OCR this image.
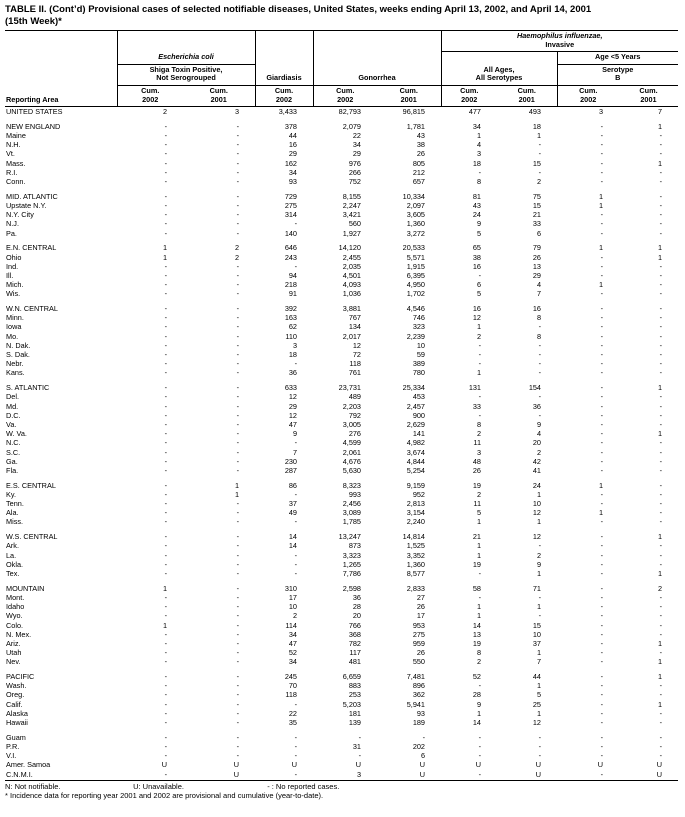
TABLE II. (Cont’d) Provisional cases of selected notifiable diseases, United States, weeks ending April 13, 2002, and April 14, 2001
(15th Week)*

						Haemophilus influenzae,
Invasive			

	Escherichia coli							Age <5 Years	

Shiga Toxin Positive,
Not Serogrouped	Giardiasis	Gonorrhea	
All Ages,
All Serotypes

Serotype
B

Reporting Area	
Cum.
2002

Cum.
2001

Cum.
2002

Cum.
2002

Cum.
2001

Cum.
2002

Cum.
2001

Cum.
2002

Cum.
2001

UNITED STATES	2	3	3,433	82,793	96,815	477	493	3	7

NEW ENGLAND	-	-	378	2,079	1,781	34	18	-	1
Maine	-	-	44	22	43	1	1	-	-
N.H.	-	-	16	34	38	4	-	-	-
Vt.	-	-	29	29	26	3	-	-	-
Mass.	-	-	162	976	805	18	15	-	1
R.I.	-	-	34	266	212	-	-	-	-
Conn.	-	-	93	752	657	8	2	-	-

MID. ATLANTIC	-	-	729	8,155	10,334	81	75	1	-
Upstate N.Y.	-	-	275	2,247	2,097	43	15	1	-
N.Y. City	-	-	314	3,421	3,605	24	21	-	-
N.J.	-	-	-	560	1,360	9	33	-	-
Pa.	-	-	140	1,927	3,272	5	6	-	-

E.N. CENTRAL	1	2	646	14,120	20,533	65	79	1	1
Ohio	1	2	243	2,455	5,571	38	26	-	1
Ind.	-	-	-	2,035	1,915	16	13	-	-
Ill.	-	-	94	4,501	6,395	-	29	-	-
Mich.	-	-	218	4,093	4,950	6	4	1	-
Wis.	-	-	91	1,036	1,702	5	7	-	-

W.N. CENTRAL	-	-	392	3,881	4,546	16	16	-	-
Minn.	-	-	163	767	746	12	8	-	-
Iowa	-	-	62	134	323	1	-	-	-
Mo.	-	-	110	2,017	2,239	2	8	-	-
N. Dak.	-	-	3	12	10	-	-	-	-
S. Dak.	-	-	18	72	59	-	-	-	-
Nebr.	-	-	-	118	389	-	-	-	-
Kans.	-	-	36	761	780	1	-	-	-

S. ATLANTIC	-	-	633	23,731	25,334	131	154	-	1
Del.	-	-	12	489	453	-	-	-	-
Md.	-	-	29	2,203	2,457	33	36	-	-
D.C.	-	-	12	792	900	-	-	-	-
Va.	-	-	47	3,005	2,629	8	9	-	-
W. Va.	-	-	9	276	141	2	4	-	1
N.C.	-	-	-	4,599	4,982	11	20	-	-
S.C.	-	-	7	2,061	3,674	3	2	-	-
Ga.	-	-	230	4,676	4,844	48	42	-	-
Fla.	-	-	287	5,630	5,254	26	41	-	-

E.S. CENTRAL	-	1	86	8,323	9,159	19	24	1	-
Ky.	-	1	-	993	952	2	1	-	-
Tenn.	-	-	37	2,456	2,813	11	10	-	-
Ala.	-	-	49	3,089	3,154	5	12	1	-
Miss.	-	-	-	1,785	2,240	1	1	-	-

W.S. CENTRAL	-	-	14	13,247	14,814	21	12	-	1
Ark.	-	-	14	873	1,525	1	-	-	-
La.	-	-	-	3,323	3,352	1	2	-	-
Okla.	-	-	-	1,265	1,360	19	9	-	-
Tex.	-	-	-	7,786	8,577	-	1	-	1

MOUNTAIN	1	-	310	2,598	2,833	58	71	-	2
Mont.	-	-	17	36	27	-	-	-	-
Idaho	-	-	10	28	26	1	1	-	-
Wyo.	-	-	2	20	17	1	-	-	-
Colo.	1	-	114	766	953	14	15	-	-
N. Mex.	-	-	34	368	275	13	10	-	-
Ariz.	-	-	47	782	959	19	37	-	1
Utah	-	-	52	117	26	8	1	-	-
Nev.	-	-	34	481	550	2	7	-	1

PACIFIC	-	-	245	6,659	7,481	52	44	-	1
Wash.	-	-	70	883	896	-	1	-	-
Oreg.	-	-	118	253	362	28	5	-	-
Calif.	-	-	-	5,203	5,941	9	25	-	1
Alaska	-	-	22	181	93	1	1	-	-
Hawaii	-	-	35	139	189	14	12	-	-

Guam	-	-	-	-	-	-	-	-	-
P.R.	-	-	-	31	202	-	-	-	-
V.I.	-	-	-	-	6	-	-	-	-
Amer. Samoa	U	U	U	U	U	U	U	U	U
C.N.M.I.	-	U	-	3	U	-	U	-	U
N: Not notifiable.	U: Unavailable.	- : No reported cases.
* Incidence data for reporting year 2001 and 2002 are provisional and cumulative (year-to-date).
